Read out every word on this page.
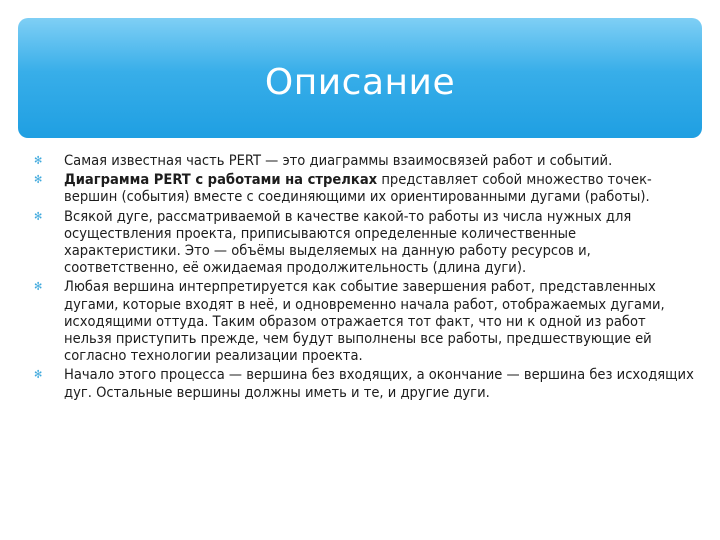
Описание
✻ Самая известная часть PERT — это диаграммы взаимосвязей работ и событий.
✻ Диаграмма PERT с работами на стрелках представляет собой множество точек-вершин (события) вместе с соединяющими их ориентированными дугами (работы).
✻ Всякой дуге, рассматриваемой в качестве какой-то работы из числа нужных для осуществления проекта, приписываются определенные количественные характеристики. Это — объёмы выделяемых на данную работу ресурсов и, соответственно, её ожидаемая продолжительность (длина дуги).
✻ Любая вершина интерпретируется как событие завершения работ, представленных дугами, которые входят в неё, и одновременно начала работ, отображаемых дугами, исходящими оттуда. Таким образом отражается тот факт, что ни к одной из работ нельзя приступить прежде, чем будут выполнены все работы, предшествующие ей согласно технологии реализации проекта.
✻ Начало этого процесса — вершина без входящих, а окончание — вершина без исходящих дуг. Остальные вершины должны иметь и те, и другие дуги.
